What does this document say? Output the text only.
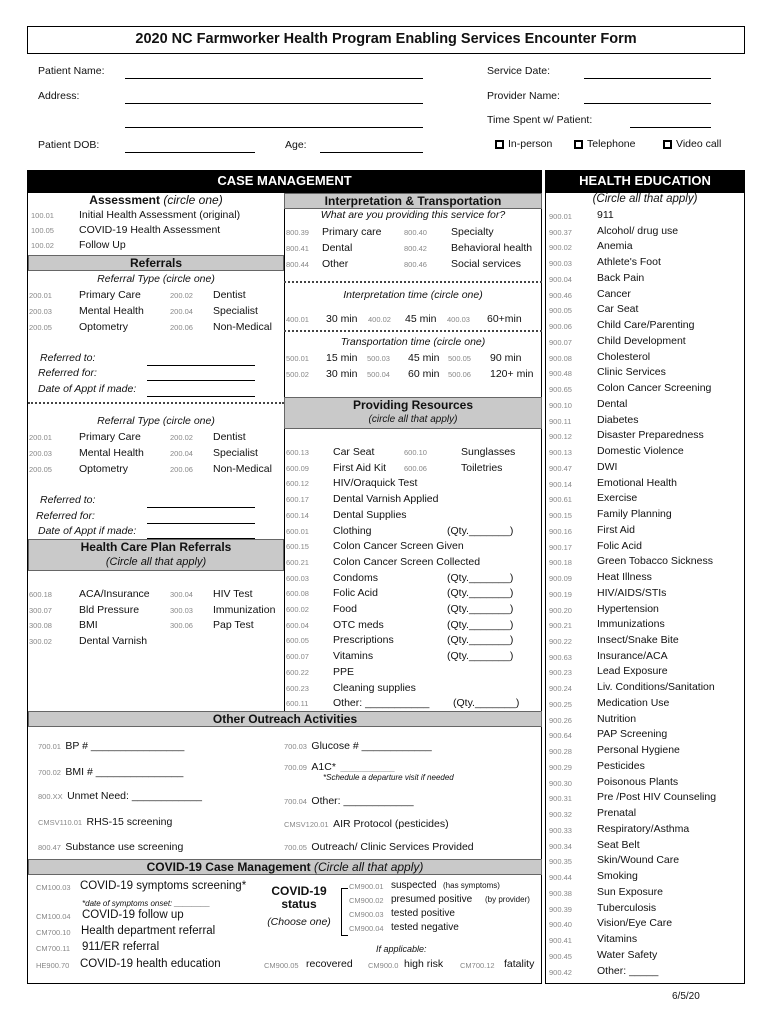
2020 NC Farmworker Health Program Enabling Services Encounter Form
Patient Name:
Address:
Patient DOB:	Age:
Service Date:
Provider Name:
Time Spent w/ Patient:
In-person	Telephone	Video call
CASE MANAGEMENT	HEALTH EDUCATION
Assessment (circle one)
Referrals
Referral Type (circle one)
Referred to:
Referred for:
Date of Appt if made:
Referral Type (circle one)
Referred to:
Referred for:
Date of Appt if made:
Health Care Plan Referrals
(Circle all that apply)
Interpretation & Transportation
What are you providing this service for?
Interpretation time (circle one)
Transportation time (circle one)
Providing Resources
(circle all that apply)
Other Outreach Activities
700.01 BP # ________________	700.03 Glucose # ____________
700.02 BMI # _______________	700.09 A1C* _____________
*Schedule a departure visit if needed
800.XX Unmet Need: ____________	700.04 Other: ____________
CMSV110.01 RHS-15 screening	CMSV120.01 AIR Protocol (pesticides)
800.47 Substance use screening	700.05 Outreach/ Clinic Services Provided
COVID-19 Case Management (Circle all that apply)
*date of symptoms onset: ________
COVID-19 status
(Choose one)
If applicable:
(Circle all that apply)
6/5/20
100.01 Initial Health Assessment (original)
100.05 COVID-19 Health Assessment
100.02 Follow Up
200.01	Primary Care	200.02 Dentist
200.03	Mental Health	200.04 Specialist
200.05	Optometry	200.06 Non-Medical
200.01	Primary Care	200.02 Dentist
200.03	Mental Health	200.04 Specialist
200.05	Optometry	200.06 Non-Medical
600.18	ACA/Insurance	300.04 HIV Test
300.07	Bld Pressure	300.03 Immunization
300.08	BMI	300.06 Pap Test
300.02	Dental Varnish
800.39 Primary care	800.40 Specialty
800.41 Dental	800.42 Behavioral health
800.44 Other	800.46 Social services
400.01 30 min 400.02 45 min 400.03 60+min
500.01 15 min 500.03 45 min 500.05 90 min
500.02 30 min 500.04 60 min 500.06 120+ min
600.13 Car Seat	600.10	Sunglasses
600.09 First Aid Kit 600.06	Toiletries
600.12 HIV/Oraquick Test
600.17 Dental Varnish Applied
600.14 Dental Supplies
600.01 Clothing	(Qty._______)
600.15 Colon Cancer Screen Given
600.21 Colon Cancer Screen Collected
600.03 Condoms	(Qty._______)
600.08 Folic Acid	(Qty._______)
600.02 Food	(Qty._______)
600.04 OTC meds	(Qty._______)
600.05 Prescriptions	(Qty._______)
600.07 Vitamins	(Qty._______)
600.22 PPE
600.23 Cleaning supplies
600.11 Other: ___________ (Qty._______)
CM100.03 COVID-19 symptoms screening*
CM100.04 COVID-19 follow up
CM700.10 Health department referral
CM700.11 911/ER referral
HE900.70 COVID-19 health education
CM900.01 suspected (has symptoms)
CM900.02 presumed positive (by provider)
CM900.03 tested positive
CM900.04 tested negative
CM900.05 recovered CM900.0 high risk CM700.12 fatality
900.01 911
900.37 Alcohol/ drug use
900.02 Anemia
900.03 Athlete's Foot
900.04 Back Pain
900.46 Cancer
900.05 Car Seat
900.06 Child Care/Parenting
900.07 Child Development
900.08 Cholesterol
900.48 Clinic Services
900.65 Colon Cancer Screening
900.10 Dental
900.11 Diabetes
900.12 Disaster Preparedness
900.13 Domestic Violence
900.47 DWI
900.14 Emotional Health
900.61 Exercise
900.15 Family Planning
900.16 First Aid
900.17 Folic Acid
900.18 Green Tobacco Sickness
900.09 Heat Illness
900.19 HIV/AIDS/STIs
900.20 Hypertension
900.21 Immunizations
900.22 Insect/Snake Bite
900.63 Insurance/ACA
900.23 Lead Exposure
900.24 Liv. Conditions/Sanitation
900.25 Medication Use
900.26 Nutrition
900.64 PAP Screening
900.28 Personal Hygiene
900.29 Pesticides
900.30 Poisonous Plants
900.31 Pre /Post HIV Counseling
900.32 Prenatal
900.33 Respiratory/Asthma
900.34 Seat Belt
900.35 Skin/Wound Care
900.44 Smoking
900.38 Sun Exposure
900.39 Tuberculosis
900.40 Vision/Eye Care
900.41 Vitamins
900.45 Water Safety
900.42 Other: _____
